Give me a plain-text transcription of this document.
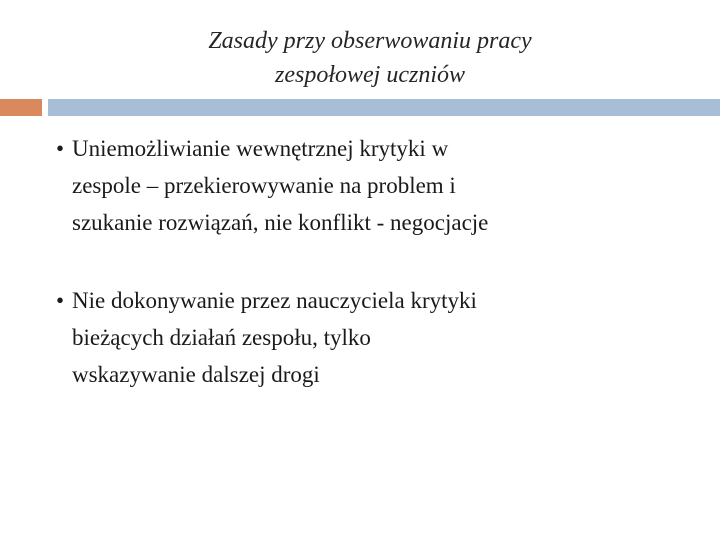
Zasady przy obserwowaniu pracy
zespołowej uczniów
• Uniemożliwianie wewnętrznej krytyki w
zespole – przekierowywanie na problem i
szukanie rozwiązań, nie konflikt - negocjacje
• Nie dokonywanie przez nauczyciela krytyki
bieżących działań zespołu, tylko
wskazywanie dalszej drogi
